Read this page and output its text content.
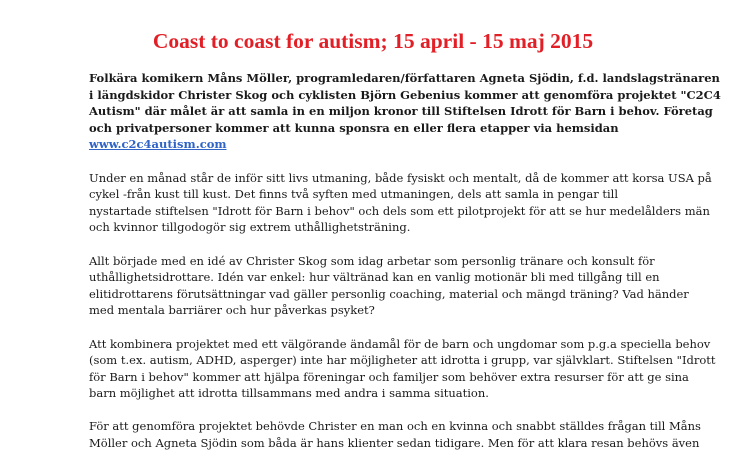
Coast to coast for autism; 15 april - 15 maj 2015
Folkära komikern Måns Möller, programledaren/författaren Agneta Sjödin, f.d. landslagstränaren
i längdskidor Christer Skog och cyklisten Björn Gebenius kommer att genomföra projektet "C2C4
Autism" där målet är att samla in en miljon kronor till Stiftelsen Idrott för Barn i behov. Företag
och privatpersoner kommer att kunna sponsra en eller flera etapper via hemsidan
www.c2c4autism.com
Under en månad står de inför sitt livs utmaning, både fysiskt och mentalt, då de kommer att korsa USA på
cykel -från kust till kust. Det finns två syften med utmaningen, dels att samla in pengar till
nystartade stiftelsen "Idrott för Barn i behov" och dels som ett pilotprojekt för att se hur medelålders män
och kvinnor tillgodogör sig extrem uthållighetsträning.
Allt började med en idé av Christer Skog som idag arbetar som personlig tränare och konsult för
uthållighetsidrottare. Idén var enkel: hur vältränad kan en vanlig motionär bli med tillgång till en
elitidrottarens förutsättningar vad gäller personlig coaching, material och mängd träning? Vad händer
med mentala barriärer och hur påverkas psyket?
Att kombinera projektet med ett välgörande ändamål för de barn och ungdomar som p.g.a speciella behov
(som t.ex. autism, ADHD, asperger) inte har möjligheter att idrotta i grupp, var självklart. Stiftelsen "Idrott
för Barn i behov" kommer att hjälpa föreningar och familjer som behöver extra resurser för att ge sina
barn möjlighet att idrotta tillsammans med andra i samma situation.
För att genomföra projektet behövde Christer en man och en kvinna och snabbt ställdes frågan till Måns
Möller och Agneta Sjödin som båda är hans klienter sedan tidigare. Men för att klara resan behövs även
